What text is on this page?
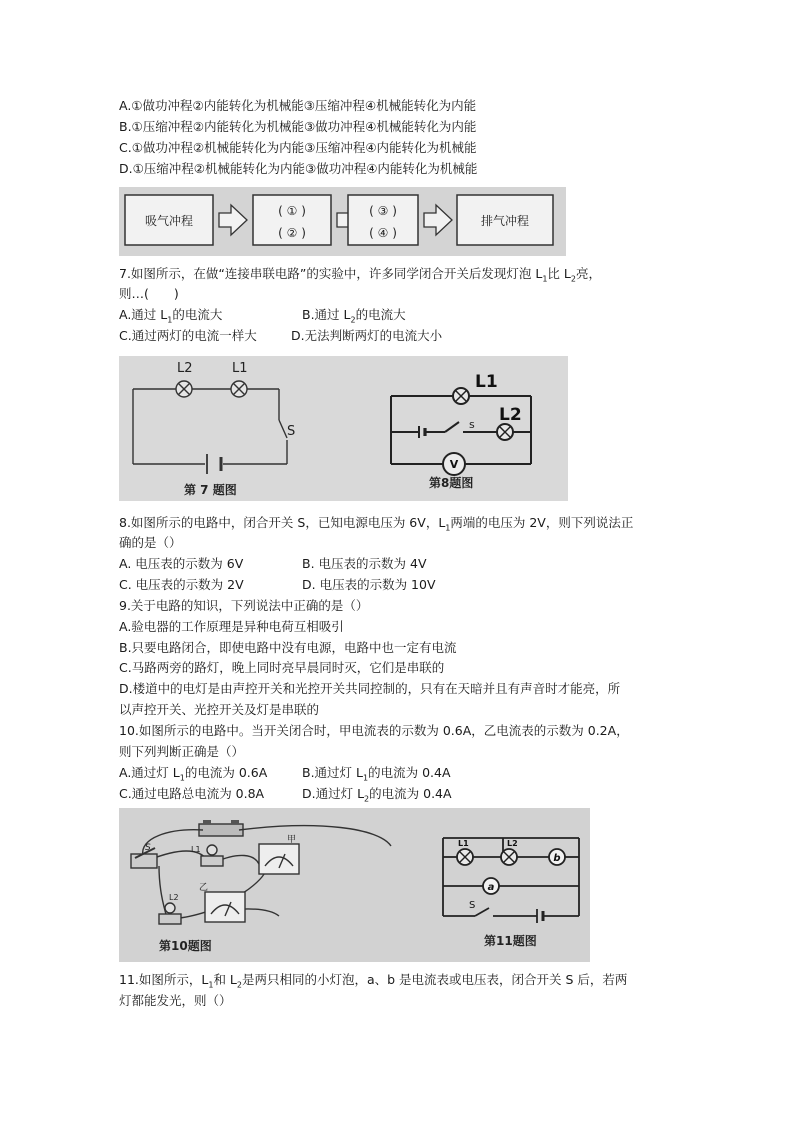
A.①做功冲程②内能转化为机械能③压缩冲程④机械能转化为内能
B.①压缩冲程②内能转化为机械能③做功冲程④机械能转化为内能
C.①做功冲程②机械能转化为内能③压缩冲程④内能转化为机械能
D.①压缩冲程②机械能转化为内能③做功冲程④内能转化为机械能
吸气冲程
( ① )
( ② )
( ③ )
( ④ )
排气冲程
7.如图所示，在做“连接串联电路”的实验中，许多同学闭合开关后发现灯泡 $L_1$比 $L_2$亮，
则…(　　)
A.通过 $L_1$的电流大	B.通过 $L_2$的电流大
C.通过两灯的电流一样大	D.无法判断两灯的电流大小
L2	L1
S
第 7 题图
L1
L2
s
V
第8题图
8.如图所示的电路中，闭合开关 S，已知电源电压为 6V，$L_1$两端的电压为 2V，则下列说法正
确的是（）
A. 电压表的示数为 6V	B. 电压表的示数为 4V
C. 电压表的示数为 2V	D. 电压表的示数为 10V
9.关于电路的知识，下列说法中正确的是（）
A.验电器的工作原理是异种电荷互相吸引
B.只要电路闭合，即使电路中没有电源，电路中也一定有电流
C.马路两旁的路灯，晚上同时亮早晨同时灭，它们是串联的
D.楼道中的电灯是由声控开关和光控开关共同控制的，只有在天暗并且有声音时才能亮，所
以声控开关、光控开关及灯是串联的
10.如图所示的电路中。当开关闭合时，甲电流表的示数为 0.6A，乙电流表的示数为 0.2A，
则下列判断正确是（）
A.通过灯 $L_1$的电流为 0.6A	B.通过灯 $L_1$的电流为 0.4A
C.通过电路总电流为 0.8A	D.通过灯 $L_2$的电流为 0.4A
甲
乙
S	L1
L2
第10题图
L1	L2
a
b
S
第11题图
11.如图所示，$L_1$和 $L_2$是两只相同的小灯泡，a、b 是电流表或电压表，闭合开关 S 后，若两
灯都能发光，则（）
